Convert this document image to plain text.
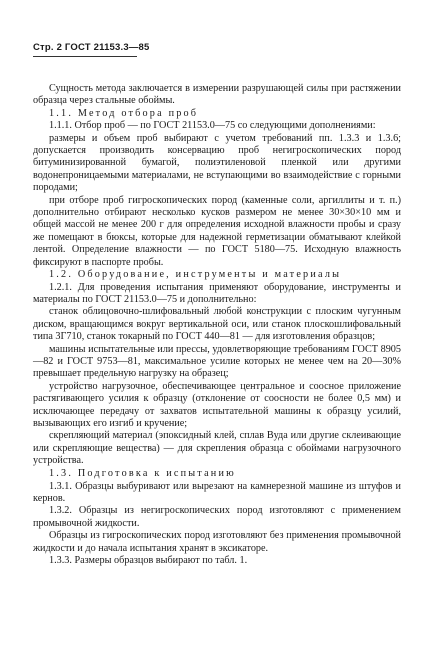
Стр. 2 ГОСТ 21153.3—85

Сущность метода заключается в измерении разрушающей силы при растяжении образца через стальные обоймы.

1.1. Метод отбора проб

1.1.1. Отбор проб — по ГОСТ 21153.0—75 со следующими дополнениями:

размеры и объем проб выбирают с учетом требований пп. 1.3.3 и 1.3.6; допускается производить консервацию проб негигроскопических пород битуминизированной бумагой, полиэтиленовой пленкой или другими водонепроницаемыми материалами, не вступающими во взаимодействие с горными породами;

при отборе проб гигроскопических пород (каменные соли, аргиллиты и т. п.) дополнительно отбирают несколько кусков размером не менее 30×30×10 мм и общей массой не менее 200 г для определения исходной влажности пробы и сразу же помещают в бюксы, которые для надежной герметизации обматывают клейкой лентой. Определение влажности — по ГОСТ 5180—75. Исходную влажность фиксируют в паспорте пробы.

1.2. Оборудование, инструменты и материалы

1.2.1. Для проведения испытания применяют оборудование, инструменты и материалы по ГОСТ 21153.0—75 и дополнительно:

станок облицовочно-шлифовальный любой конструкции с плоским чугунным диском, вращающимся вокруг вертикальной оси, или станок плоскошлифовальный типа 3Г710, станок токарный по ГОСТ 440—81 — для изготовления образцов;

машины испытательные или прессы, удовлетворяющие требованиям ГОСТ 8905—82 и ГОСТ 9753—81, максимальное усилие которых не менее чем на 20—30% превышает предельную нагрузку на образец;

устройство нагрузочное, обеспечивающее центральное и соосное приложение растягивающего усилия к образцу (отклонение от соосности не более 0,5 мм) и исключающее передачу от захватов испытательной машины к образцу усилий, вызывающих его изгиб и кручение;

скрепляющий материал (эпоксидный клей, сплав Вуда или другие склеивающие или скрепляющие вещества) — для скрепления образца с обоймами нагрузочного устройства.

1.3. Подготовка к испытанию

1.3.1. Образцы выбуривают или вырезают на камнерезной машине из штуфов и кернов.

1.3.2. Образцы из негигроскопических пород изготовляют с применением промывочной жидкости.

Образцы из гигроскопических пород изготовляют без применения промывочной жидкости и до начала испытания хранят в эксикаторе.

1.3.3. Размеры образцов выбирают по табл. 1.
